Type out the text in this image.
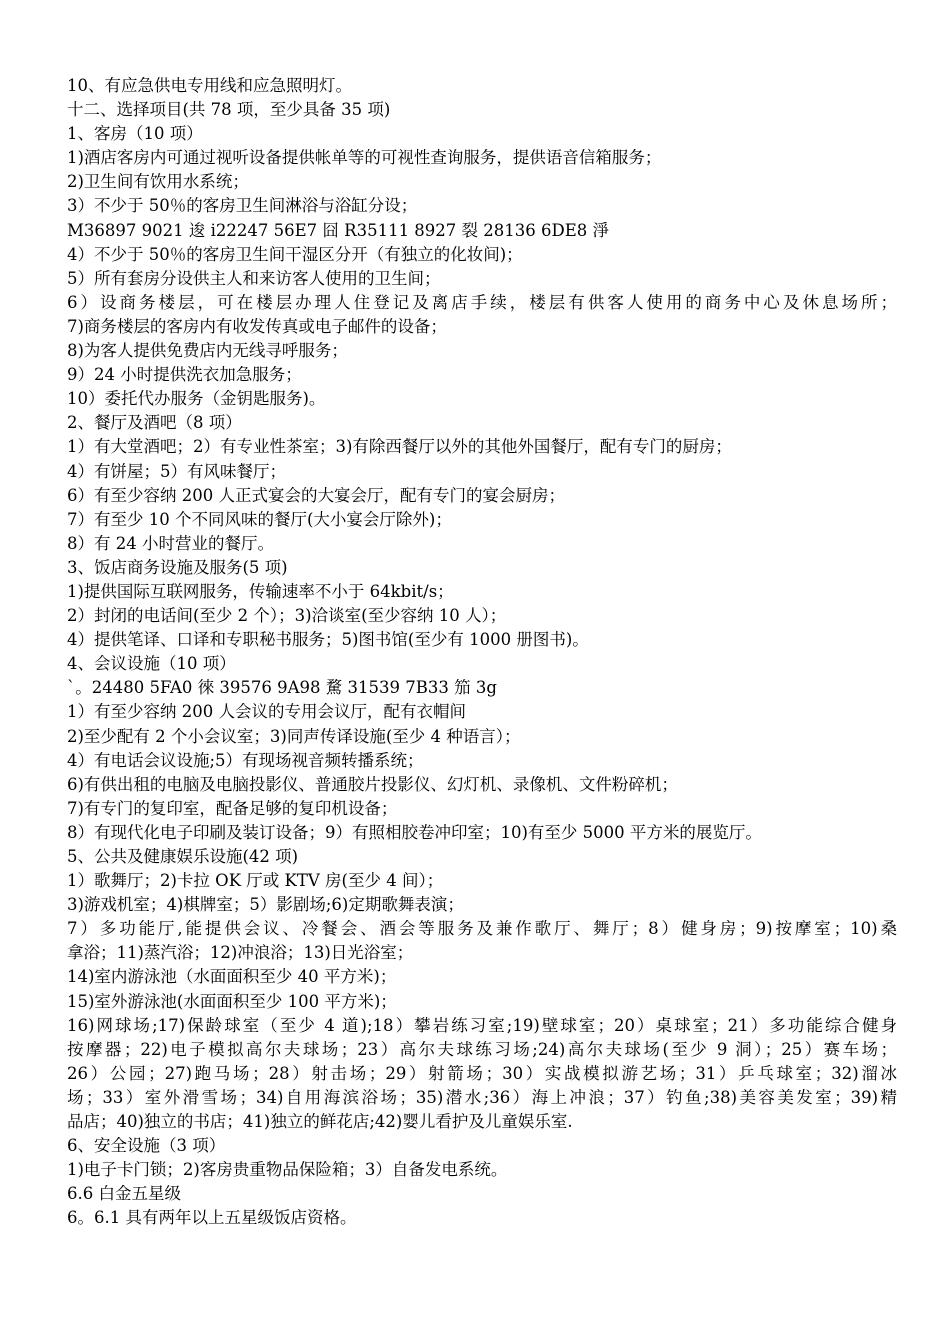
10、有应急供电专用线和应急照明灯。
十二、选择项目(共 78 项，至少具备 35 项)
1、客房（10 项）
1)酒店客房内可通过视听设备提供帐单等的可视性查询服务，提供语音信箱服务；
2)卫生间有饮用水系统；
3）不少于 50％的客房卫生间淋浴与浴缸分设；
M36897 9021 逡 i22247 56E7 囧 R35111 8927 裂 28136 6DE8 淨
4）不少于 50％的客房卫生间干湿区分开（有独立的化妆间)；
5）所有套房分设供主人和来访客人使用的卫生间；
6）设商务楼层，可在楼层办理人住登记及离店手续，楼层有供客人使用的商务中心及休息场所；
7)商务楼层的客房内有收发传真或电子邮件的设备；
8)为客人提供免费店内无线寻呼服务；
9）24 小时提供洗衣加急服务；
10）委托代办服务（金钥匙服务)。
2、餐厅及酒吧（8 项）
1）有大堂酒吧；2）有专业性茶室；3)有除西餐厅以外的其他外国餐厅，配有专门的厨房；
4）有饼屋；5）有风味餐厅；
6）有至少容纳 200 人正式宴会的大宴会厅，配有专门的宴会厨房；
7）有至少 10 个不同风味的餐厅(大小宴会厅除外)；
8）有 24 小时营业的餐厅。
3、饭店商务设施及服务(5 项)
1)提供国际互联网服务，传输速率不小于 64kbit/s；
2）封闭的电话间(至少 2 个）；3)洽谈室(至少容纳 10 人）；
4）提供笔译、口译和专职秘书服务；5)图书馆(至少有 1000 册图书)。
4、会议设施（10 项）
`。24480 5FA0 徠 39576 9A98 騖 31539 7B33 笳 3g
1）有至少容纳 200 人会议的专用会议厅，配有衣帽间
2)至少配有 2 个小会议室；3)同声传译设施(至少 4 种语言）；
4）有电话会议设施;5）有现场视音频转播系统；
6)有供出租的电脑及电脑投影仪、普通胶片投影仪、幻灯机、录像机、文件粉碎机；
7)有专门的复印室，配备足够的复印机设备；
8）有现代化电子印刷及装订设备；9）有照相胶卷冲印室；10)有至少 5000 平方米的展览厅。
5、公共及健康娱乐设施(42 项)
1）歌舞厅；2)卡拉 OK 厅或 KTV 房(至少 4 间）；
3)游戏机室；4)棋牌室；5）影剧场;6)定期歌舞表演；
7）多功能厅,能提供会议、冷餐会、酒会等服务及兼作歌厅、舞厅；8）健身房；9)按摩室；10)桑
拿浴；11)蒸汽浴；12)冲浪浴；13)日光浴室；
14)室内游泳池（水面面积至少 40 平方米)；
15)室外游泳池(水面面积至少 100 平方米)；
16)网球场;17)保龄球室（至少 4 道);18）攀岩练习室;19)壁球室；20）桌球室；21）多功能综合健身
按摩器；22)电子模拟高尔夫球场；23）高尔夫球练习场;24)高尔夫球场(至少 9 洞）；25）赛车场；
26）公园；27)跑马场；28）射击场；29）射箭场；30）实战模拟游艺场；31）乒乓球室；32)溜冰
场；33）室外滑雪场；34)自用海滨浴场；35)潜水;36）海上冲浪；37）钓鱼;38)美容美发室；39)精
品店；40)独立的书店；41)独立的鲜花店;42)婴儿看护及儿童娱乐室.
6、安全设施（3 项）
1)电子卡门锁；2)客房贵重物品保险箱；3）自备发电系统。
6.6 白金五星级
6。6.1 具有两年以上五星级饭店资格。
